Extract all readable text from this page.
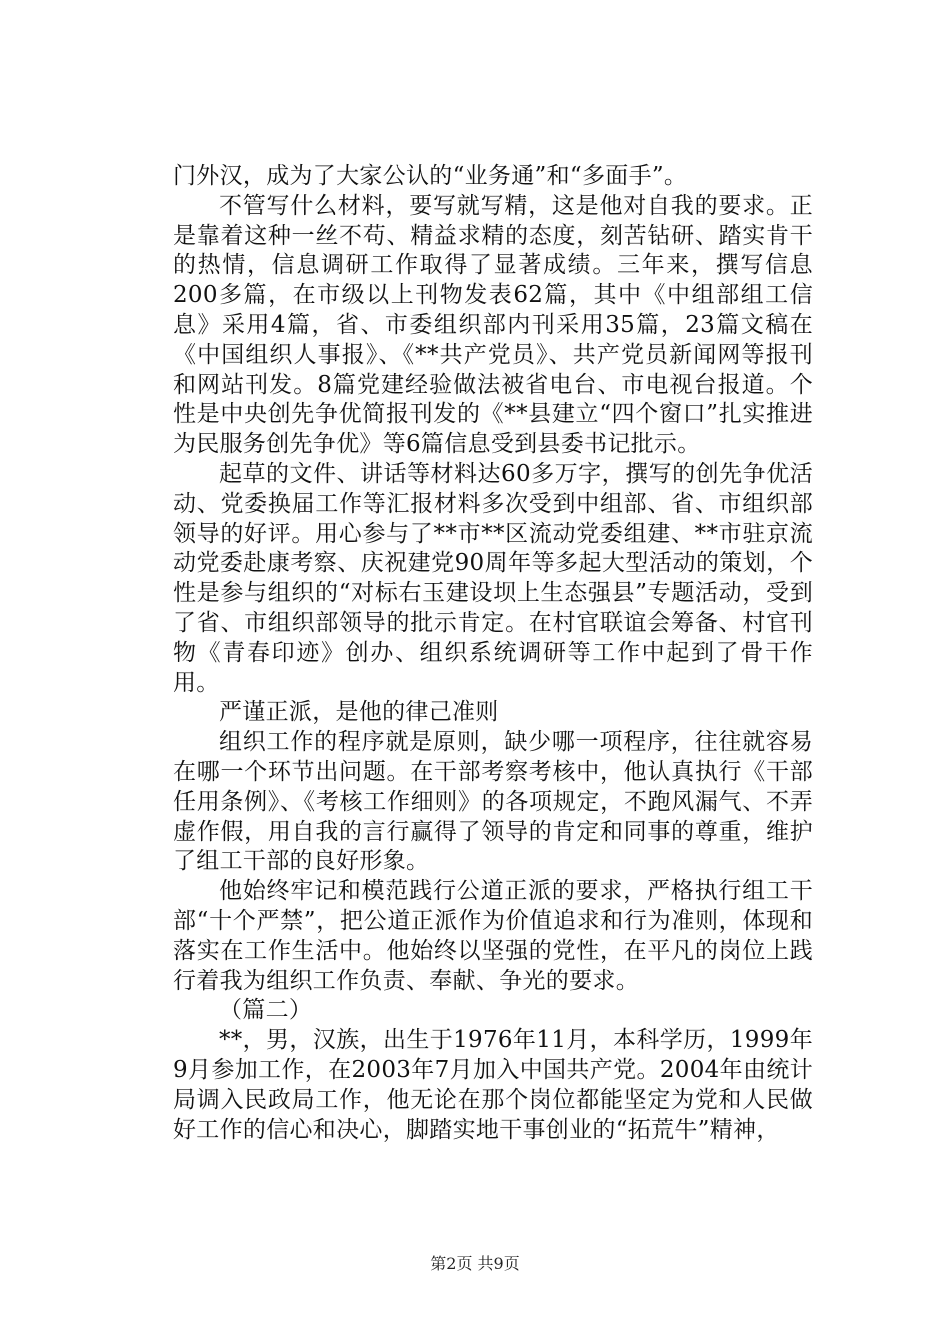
门外汉，成为了大家公认的“业务通”和“多面手”。

不管写什么材料，要写就写精，这是他对自我的要求。正是靠着这种一丝不苟、精益求精的态度，刻苦钻研、踏实肯干的热情，信息调研工作取得了显著成绩。三年来，撰写信息200多篇，在市级以上刊物发表62篇，其中《中组部组工信息》采用4篇，省、市委组织部内刊采用35篇，23篇文稿在《中国组织人事报》、《**共产党员》、共产党员新闻网等报刊和网站刊发。8篇党建经验做法被省电台、市电视台报道。个性是中央创先争优简报刊发的《**县建立“四个窗口”扎实推进为民服务创先争优》等6篇信息受到县委书记批示。

起草的文件、讲话等材料达60多万字，撰写的创先争优活动、党委换届工作等汇报材料多次受到中组部、省、市组织部领导的好评。用心参与了**市**区流动党委组建、**市驻京流动党委赴康考察、庆祝建党90周年等多起大型活动的策划，个性是参与组织的“对标右玉建设坝上生态强县”专题活动，受到了省、市组织部领导的批示肯定。在村官联谊会筹备、村官刊物《青春印迹》创办、组织系统调研等工作中起到了骨干作用。

严谨正派，是他的律己准则

组织工作的程序就是原则，缺少哪一项程序，往往就容易在哪一个环节出问题。在干部考察考核中，他认真执行《干部任用条例》、《考核工作细则》的各项规定，不跑风漏气、不弄虚作假，用自我的言行赢得了领导的肯定和同事的尊重，维护了组工干部的良好形象。

他始终牢记和模范践行公道正派的要求，严格执行组工干部“十个严禁”，把公道正派作为价值追求和行为准则，体现和落实在工作生活中。他始终以坚强的党性，在平凡的岗位上践行着我为组织工作负责、奉献、争光的要求。

（篇二）

**，男，汉族，出生于1976年11月，本科学历，1999年9月参加工作，在2003年7月加入中国共产党。2004年由统计局调入民政局工作，他无论在那个岗位都能坚定为党和人民做好工作的信心和决心，脚踏实地干事创业的“拓荒牛”精神，

第2页 共9页
